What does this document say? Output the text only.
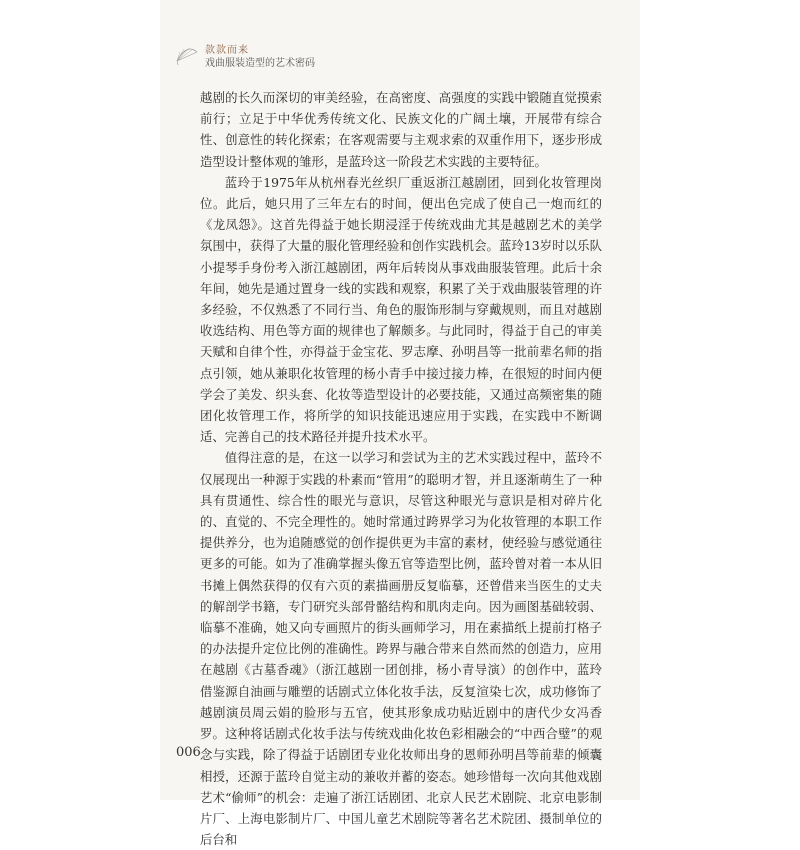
款款而来
戏曲服装造型的艺术密码

越剧的长久而深切的审美经验，在高密度、高强度的实践中锻随直觉摸索前行；立足于中华优秀传统文化、民族文化的广阔土壤，开展带有综合性、创意性的转化探索；在客观需要与主观求索的双重作用下，逐步形成造型设计整体观的雏形，是蓝玲这一阶段艺术实践的主要特征。

蓝玲于1975年从杭州春光丝织厂重返浙江越剧团，回到化妆管理岗位。此后，她只用了三年左右的时间，便出色完成了使自己一炮而红的《龙凤怨》。这首先得益于她长期浸淫于传统戏曲尤其是越剧艺术的美学氛围中，获得了大量的服化管理经验和创作实践机会。蓝玲13岁时以乐队小提琴手身份考入浙江越剧团，两年后转岗从事戏曲服装管理。此后十余年间，她先是通过置身一线的实践和观察，积累了关于戏曲服装管理的许多经验，不仅熟悉了不同行当、角色的服饰形制与穿戴规则，而且对越剧收选结构、用色等方面的规律也了解颇多。与此同时，得益于自己的审美天赋和自律个性，亦得益于金宝花、罗志摩、孙明昌等一批前辈名师的指点引领，她从兼职化妆管理的杨小青手中接过接力棒，在很短的时间内便学会了美发、织头套、化妆等造型设计的必要技能，又通过高频密集的随团化妆管理工作，将所学的知识技能迅速应用于实践，在实践中不断调适、完善自己的技术路径并提升技术水平。

值得注意的是，在这一以学习和尝试为主的艺术实践过程中，蓝玲不仅展现出一种源于实践的朴素而“管用”的聪明才智，并且逐渐萌生了一种具有贯通性、综合性的眼光与意识，尽管这种眼光与意识是相对碎片化的、直觉的、不完全理性的。她时常通过跨界学习为化妆管理的本职工作提供养分，也为追随感觉的创作提供更为丰富的素材，使经验与感觉通往更多的可能。如为了准确掌握头像五官等造型比例，蓝玲曾对着一本从旧书摊上偶然获得的仅有六页的素描画册反复临摹，还曾借来当医生的丈夫的解剖学书籍，专门研究头部骨骼结构和肌肉走向。因为画图基础较弱、临摹不准确，她又向专画照片的街头画师学习，用在素描纸上提前打格子的办法提升定位比例的准确性。跨界与融合带来自然而然的创造力，应用在越剧《古墓香魂》（浙江越剧一团创排，杨小青导演）的创作中，蓝玲借鉴源自油画与雕塑的话剧式立体化妆手法，反复渲染七次，成功修饰了越剧演员周云娟的脸形与五官，使其形象成功贴近剧中的唐代少女冯香罗。这种将话剧式化妆手法与传统戏曲化妆色彩相融会的“中西合璧”的观念与实践，除了得益于话剧团专业化妆师出身的恩师孙明昌等前辈的倾囊相授，还源于蓝玲自觉主动的兼收并蓄的姿态。她珍惜每一次向其他戏剧艺术“偷师”的机会：走遍了浙江话剧团、北京人民艺术剧院、北京电影制片厂、上海电影制片厂、中国儿童艺术剧院等著名艺术院团、摄制单位的后台和

006
